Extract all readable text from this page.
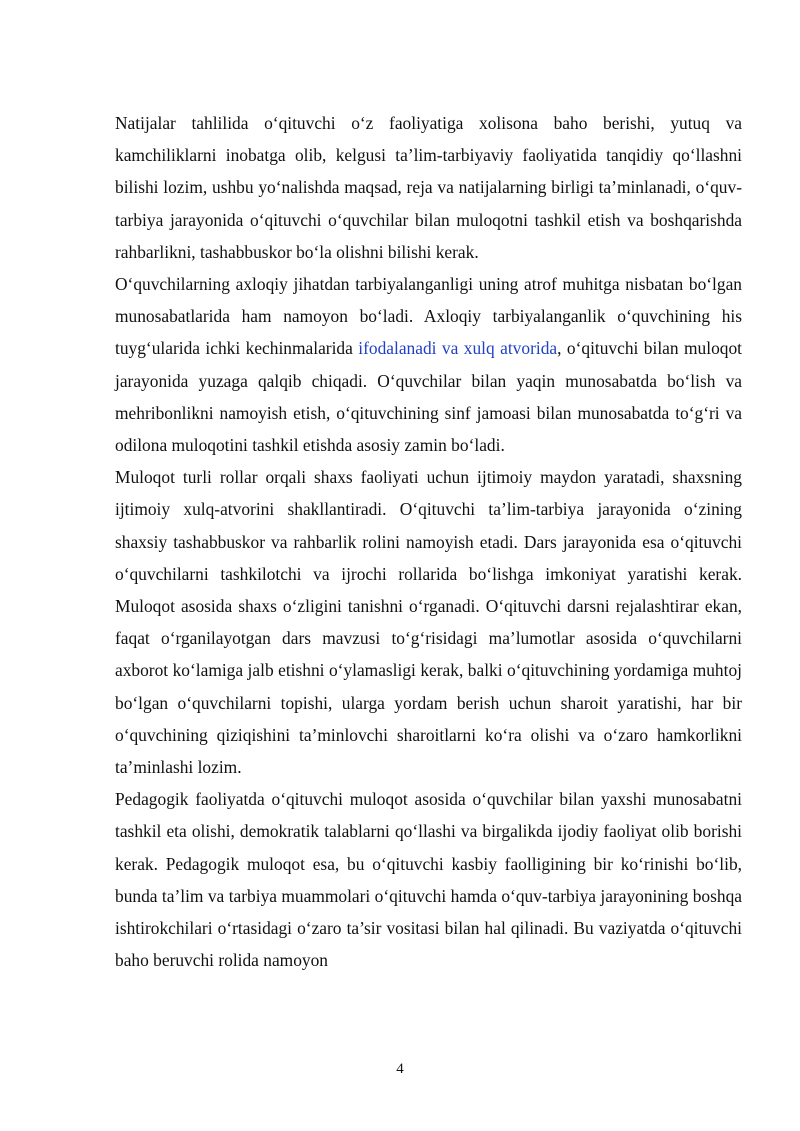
Natijalar tahlilida o‘qituvchi o‘z faoliyatiga xolisona baho berishi, yutuq va kamchiliklarni inobatga olib, kelgusi ta’lim-tarbiyaviy faoliyatida tanqidiy qo‘llashni bilishi lozim, ushbu yo‘nalishda maqsad, reja va natijalarning birligi ta’minlanadi, o‘quv-tarbiya jarayonida o‘qituvchi o‘quvchilar bilan muloqotni tashkil etish va boshqarishda rahbarlikni, tashabbuskor bo‘la olishni bilishi kerak.

O‘quvchilarning axloqiy jihatdan tarbiyalanganligi uning atrof muhitga nisbatan bo‘lgan munosabatlarida ham namoyon bo‘ladi. Axloqiy tarbiyalanganlik o‘quvchining his tuyg‘ularida ichki kechinmalarida ifodalanadi va xulq atvorida, o‘qituvchi bilan muloqot jarayonida yuzaga qalqib chiqadi. O‘quvchilar bilan yaqin munosabatda bo‘lish va mehribonlikni namoyish etish, o‘qituvchining sinf jamoasi bilan munosabatda to‘g‘ri va odilona muloqotini tashkil etishda asosiy zamin bo‘ladi.

Muloqot turli rollar orqali shaxs faoliyati uchun ijtimoiy maydon yaratadi, shaxsning ijtimoiy xulq-atvorini shakllantiradi. O‘qituvchi ta’lim-tarbiya jarayonida o‘zining shaxsiy tashabbuskor va rahbarlik rolini namoyish etadi. Dars jarayonida esa o‘qituvchi o‘quvchilarni tashkilotchi va ijrochi rollarida bo‘lishga imkoniyat yaratishi kerak. Muloqot asosida shaxs o‘zligini tanishni o‘rganadi. O‘qituvchi darsni rejalashtirar ekan, faqat o‘rganilayotgan dars mavzusi to‘g‘risidagi ma’lumotlar asosida o‘quvchilarni axborot ko‘lamiga jalb etishni o‘ylamasligi kerak, balki o‘qituvchining yordamiga muhtoj bo‘lgan o‘quvchilarni topishi, ularga yordam berish uchun sharoit yaratishi, har bir o‘quvchining qiziqishini ta’minlovchi sharoitlarni ko‘ra olishi va o‘zaro hamkorlikni ta’minlashi lozim.

Pedagogik faoliyatda o‘qituvchi muloqot asosida o‘quvchilar bilan yaxshi munosabatni tashkil eta olishi, demokratik talablarni qo‘llashi va birgalikda ijodiy faoliyat olib borishi kerak. Pedagogik muloqot esa, bu o‘qituvchi kasbiy faolligining bir ko‘rinishi bo‘lib, bunda ta’lim va tarbiya muammolari o‘qituvchi hamda o‘quv-tarbiya jarayonining boshqa ishtirokchilari o‘rtasidagi o‘zaro ta’sir vositasi bilan hal qilinadi. Bu vaziyatda o‘qituvchi baho beruvchi rolida namoyon

4
